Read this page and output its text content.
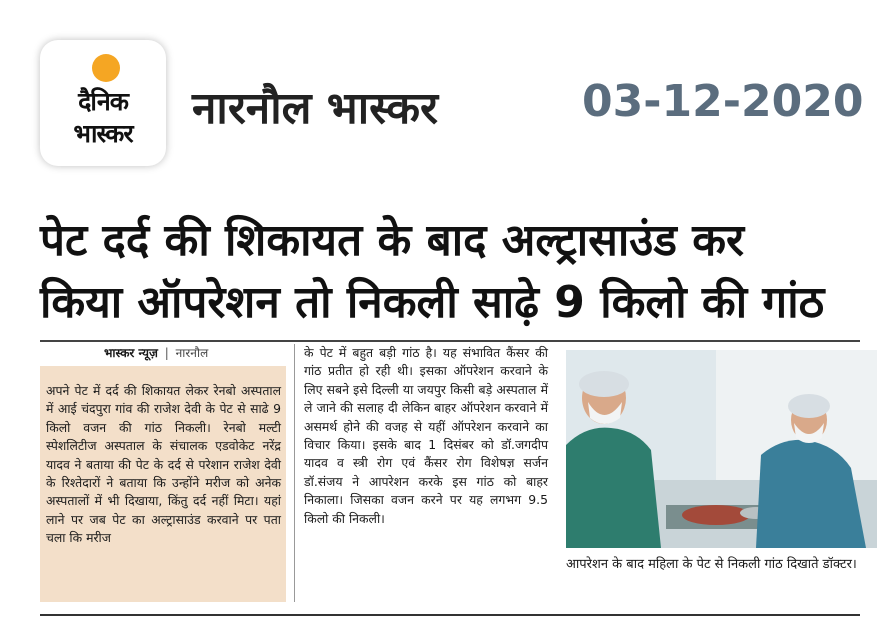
दैनिक
भास्कर	नारनौल भास्कर	03-12-2020
पेट दर्द की शिकायत के बाद अल्ट्रासाउंड कर
किया ऑपरेशन तो निकली साढ़े 9 किलो की गांठ
भास्कर न्यूज़ | नारनौल
अपने पेट में दर्द की शिकायत लेकर रेनबो अस्पताल में आई चंदपुरा गांव की राजेश देवी के पेट से साढे 9 किलो वजन की गांठ निकली। रेनबो मल्टी स्पेशलिटीज अस्पताल के संचालक एडवोकेट नरेंद्र यादव ने बताया की पेट के दर्द से परेशान राजेश देवी के रिश्तेदारों ने बताया कि उन्होंने मरीज को अनेक अस्पतालों में भी दिखाया, किंतु दर्द नहीं मिटा। यहां लाने पर जब पेट का अल्ट्रासाउंड करवाने पर पता चला कि मरीज
के पेट में बहुत बड़ी गांठ है। यह संभावित कैंसर की गांठ प्रतीत हो रही थी। इसका ऑपरेशन करवाने के लिए सबने इसे दिल्ली या जयपुर किसी बड़े अस्पताल में ले जाने की सलाह दी लेकिन बाहर ऑपरेशन करवाने में असमर्थ होने की वजह से यहीं ऑपरेशन करवाने का विचार किया। इसके बाद 1 दिसंबर को डॉ.जगदीप यादव व स्त्री रोग एवं कैंसर रोग विशेषज्ञ सर्जन डॉ.संजय ने आपरेशन करके इस गांठ को बाहर निकाला। जिसका वजन करने पर यह लगभग 9.5 किलो की निकली।
आपरेशन के बाद महिला के पेट से निकली गांठ दिखाते डॉक्टर।
